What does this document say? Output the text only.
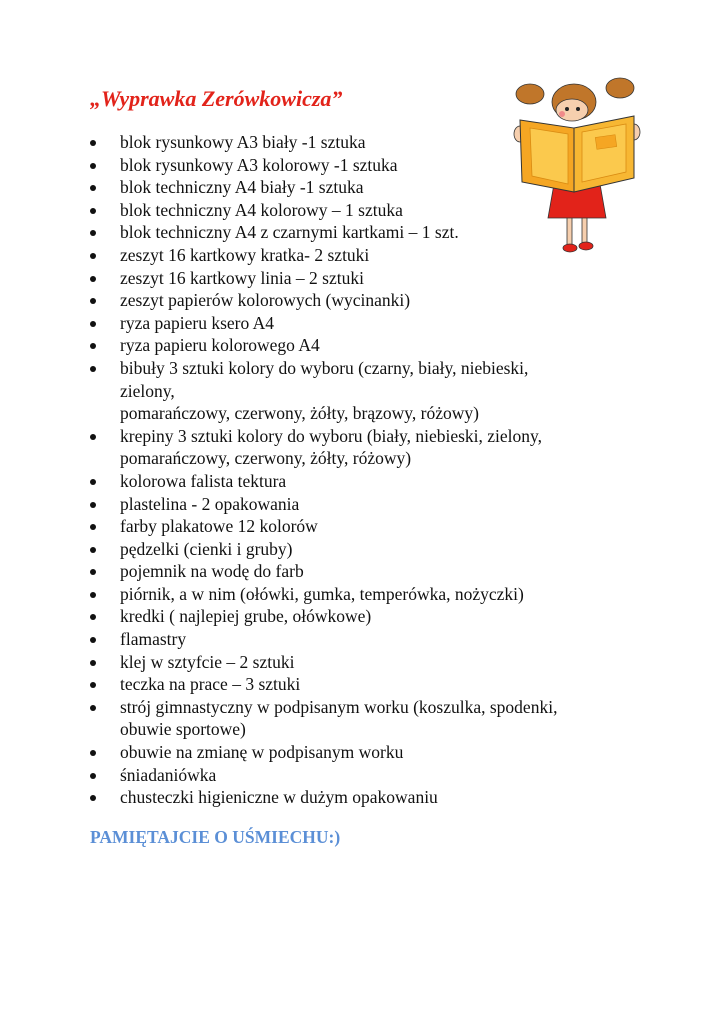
„Wyprawka Zerówkowicza”
blok rysunkowy A3 biały -1 sztuka
blok rysunkowy A3 kolorowy -1 sztuka
blok techniczny A4 biały -1 sztuka
blok techniczny A4 kolorowy – 1 sztuka
blok techniczny A4 z czarnymi kartkami – 1 szt.
zeszyt 16 kartkowy kratka- 2 sztuki
zeszyt 16 kartkowy linia – 2 sztuki
zeszyt papierów kolorowych (wycinanki)
ryza papieru ksero A4
ryza papieru kolorowego A4
bibuły 3 sztuki kolory do wyboru (czarny, biały, niebieski,
zielony,
pomarańczowy, czerwony, żółty, brązowy, różowy)
krepiny 3 sztuki kolory do wyboru (biały, niebieski, zielony,
pomarańczowy, czerwony, żółty, różowy)
kolorowa falista tektura
plastelina - 2 opakowania
farby plakatowe 12 kolorów
pędzelki (cienki i gruby)
pojemnik na wodę do farb
piórnik, a w nim (ołówki, gumka, temperówka, nożyczki)
kredki ( najlepiej grube, ołówkowe)
flamastry
klej w sztyfcie – 2 sztuki
teczka na prace – 3 sztuki
strój gimnastyczny w podpisanym worku (koszulka, spodenki,
obuwie sportowe)
obuwie na zmianę w podpisanym worku
śniadaniówka
chusteczki higieniczne w dużym opakowaniu

PAMIĘTAJCIE O UŚMIECHU:)
